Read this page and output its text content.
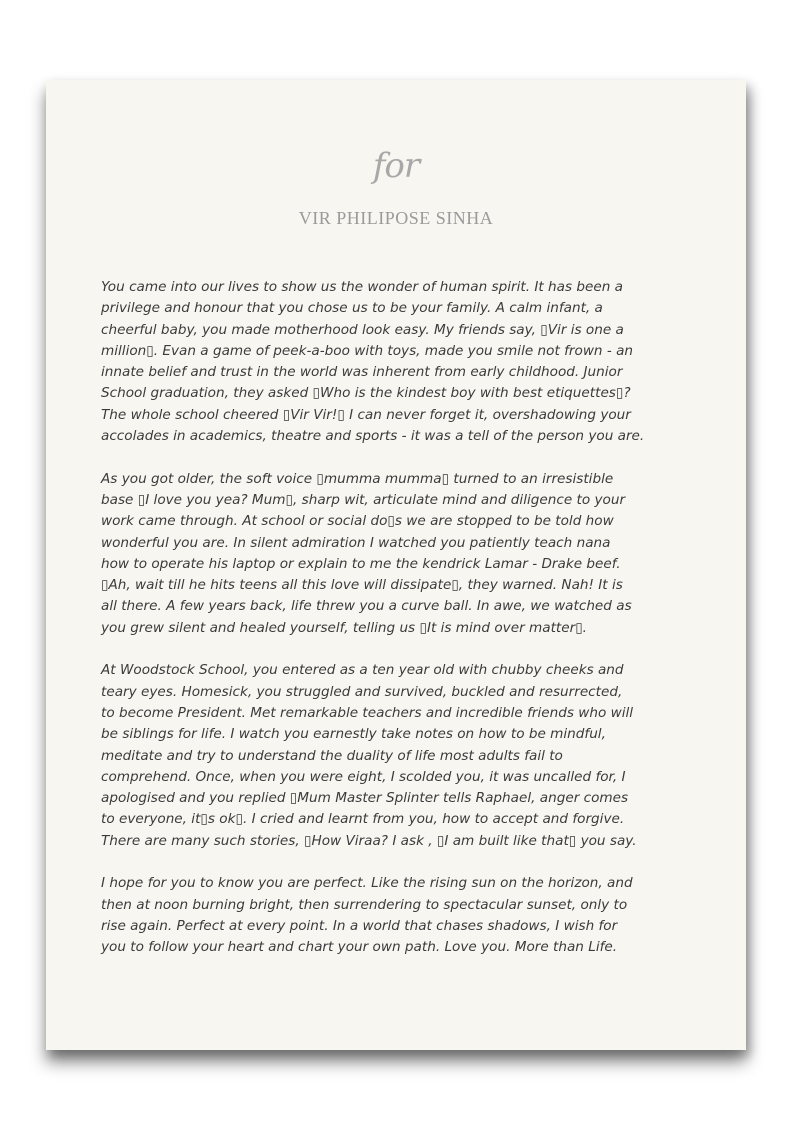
for
VIR PHILIPOSE SINHA
You came into our lives to show us the wonder of human spirit. It has been a
privilege and honour that you chose us to be your family. A calm infant, a
cheerful baby, you made motherhood look easy. My friends say, ▯Vir is one a
million▯. Evan a game of peek-a-boo with toys, made you smile not frown - an
innate belief and trust in the world was inherent from early childhood. Junior
School graduation, they asked ▯Who is the kindest boy with best etiquettes▯?
The whole school cheered ▯Vir Vir!▯ I can never forget it, overshadowing your
accolades in academics, theatre and sports - it was a tell of the person you are.
As you got older, the soft voice ▯mumma mumma▯ turned to an irresistible
base ▯I love you yea? Mum▯, sharp wit, articulate mind and diligence to your
work came through. At school or social do▯s we are stopped to be told how
wonderful you are. In silent admiration I watched you patiently teach nana
how to operate his laptop or explain to me the kendrick Lamar - Drake beef.
▯Ah, wait till he hits teens all this love will dissipate▯, they warned. Nah! It is
all there. A few years back, life threw you a curve ball. In awe, we watched as
you grew silent and healed yourself, telling us ▯It is mind over matter▯.
At Woodstock School, you entered as a ten year old with chubby cheeks and
teary eyes. Homesick, you struggled and survived, buckled and resurrected,
to become President. Met remarkable teachers and incredible friends who will
be siblings for life. I watch you earnestly take notes on how to be mindful,
meditate and try to understand the duality of life most adults fail to
comprehend. Once, when you were eight, I scolded you, it was uncalled for, I
apologised and you replied ▯Mum Master Splinter tells Raphael, anger comes
to everyone, it▯s ok▯. I cried and learnt from you, how to accept and forgive.
There are many such stories, ▯How Viraa? I ask , ▯I am built like that▯ you say.
I hope for you to know you are perfect. Like the rising sun on the horizon, and
then at noon burning bright, then surrendering to spectacular sunset, only to
rise again. Perfect at every point. In a world that chases shadows, I wish for
you to follow your heart and chart your own path. Love you. More than Life.
